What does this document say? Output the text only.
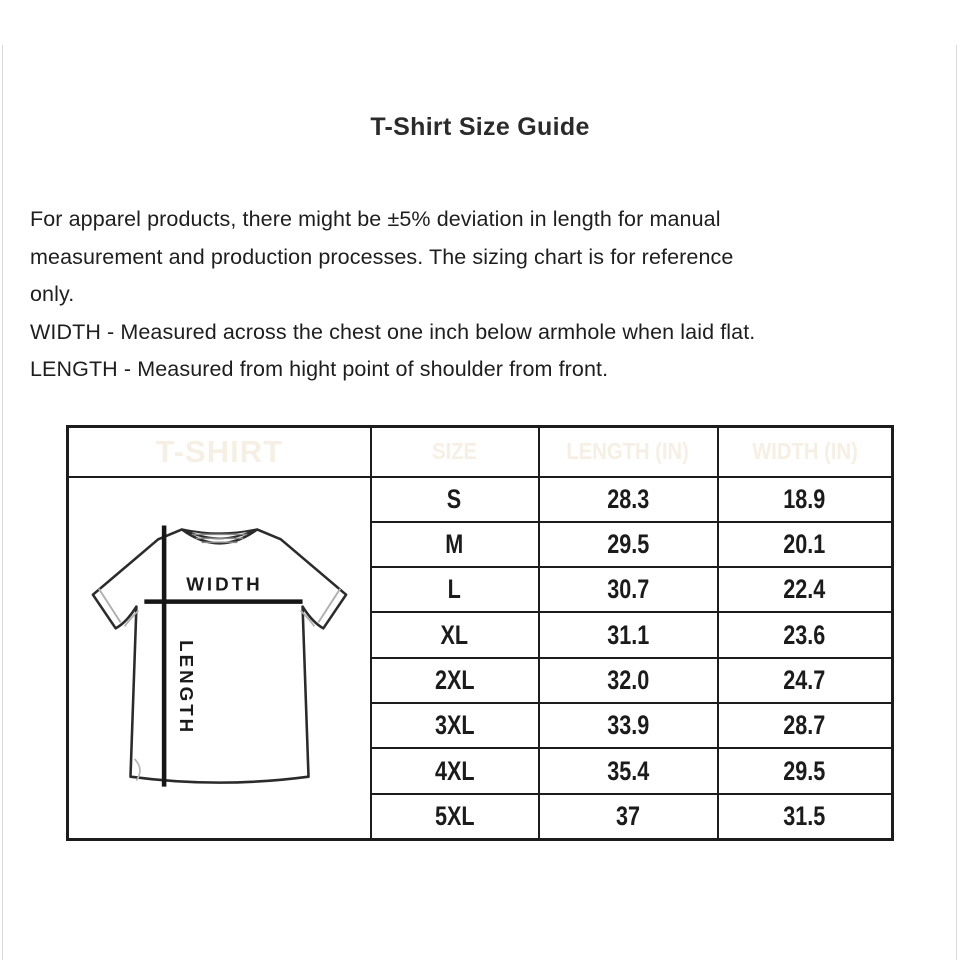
T-Shirt Size Guide
For apparel products, there might be ±5% deviation in length for manual
measurement and production processes. The sizing chart is for reference
only.
WIDTH - Measured across the chest one inch below armhole when laid flat.
LENGTH - Measured from hight point of shoulder from front.
T-SHIRT	SIZE	LENGTH (IN)	WIDTH (IN)

WIDTH
LENGTH	S	28.3	18.9
	M	29.5	20.1
	L	30.7	22.4
	XL	31.1	23.6
	2XL	32.0	24.7
	3XL	33.9	28.7
	4XL	35.4	29.5
	5XL	37	31.5
